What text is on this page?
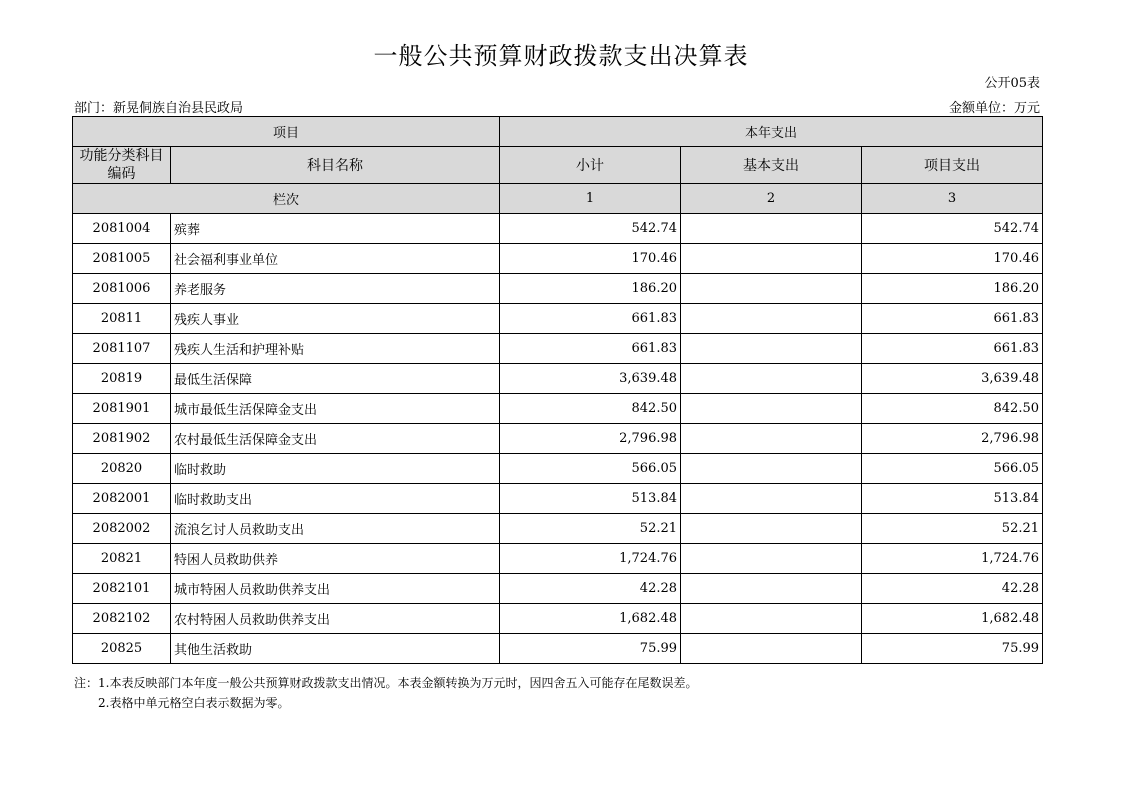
一般公共预算财政拨款支出决算表
公开05表
部门：新晃侗族自治县民政局	金额单位：万元
项目		本年支出		
功能分类科目编码	科目名称	小计	基本支出	项目支出
栏次		1	2	3
2081004	殡葬	542.74		542.74
2081005	社会福利事业单位	170.46		170.46
2081006	养老服务	186.20		186.20
20811	残疾人事业	661.83		661.83
2081107	残疾人生活和护理补贴	661.83		661.83
20819	最低生活保障	3,639.48		3,639.48
2081901	城市最低生活保障金支出	842.50		842.50
2081902	农村最低生活保障金支出	2,796.98		2,796.98
20820	临时救助	566.05		566.05
2082001	临时救助支出	513.84		513.84
2082002	流浪乞讨人员救助支出	52.21		52.21
20821	特困人员救助供养	1,724.76		1,724.76
2082101	城市特困人员救助供养支出	42.28		42.28
2082102	农村特困人员救助供养支出	1,682.48		1,682.48
20825	其他生活救助	75.99		75.99
注：1.本表反映部门本年度一般公共预算财政拨款支出情况。本表金额转换为万元时，因四舍五入可能存在尾数误差。
2.表格中单元格空白表示数据为零。
